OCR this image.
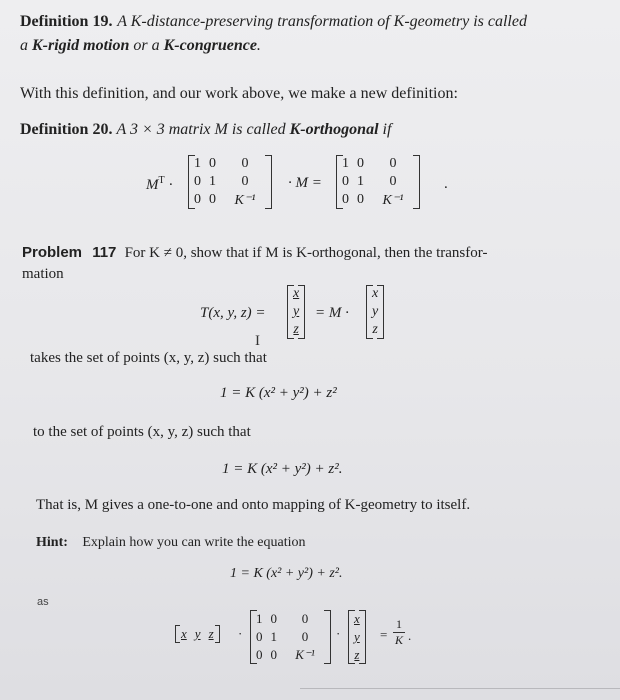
Definition 19. A K-distance-preserving transformation of K-geometry is called
a K-rigid motion or a K-congruence.
With this definition, and our work above, we make a new definition:
Definition 20. A 3 × 3 matrix M is called K-orthogonal if
$M^T$ ·
1	0	0
0	1	0
0	0	K⁻¹
· M =
1	0	0
0	1	0
0	0	K⁻¹
.
Problem 117 For K ≠ 0, show that if M is K-orthogonal, then the transfor-
mation
T(x, y, z) =
x
y
z
= M ·
x
y
z
I
takes the set of points (x, y, z) such that
1 = K (x² + y²) + z²
to the set of points (x, y, z) such that
1 = K (x² + y²) + z².
That is, M gives a one-to-one and onto mapping of K-geometry to itself.
Hint: Explain how you can write the equation
1 = K (x² + y²) + z².
as
x	y	z ·
1	0	0
0	1	0
0	0	K⁻¹
·
x
y
z
= $\frac{1}{K}$ .
